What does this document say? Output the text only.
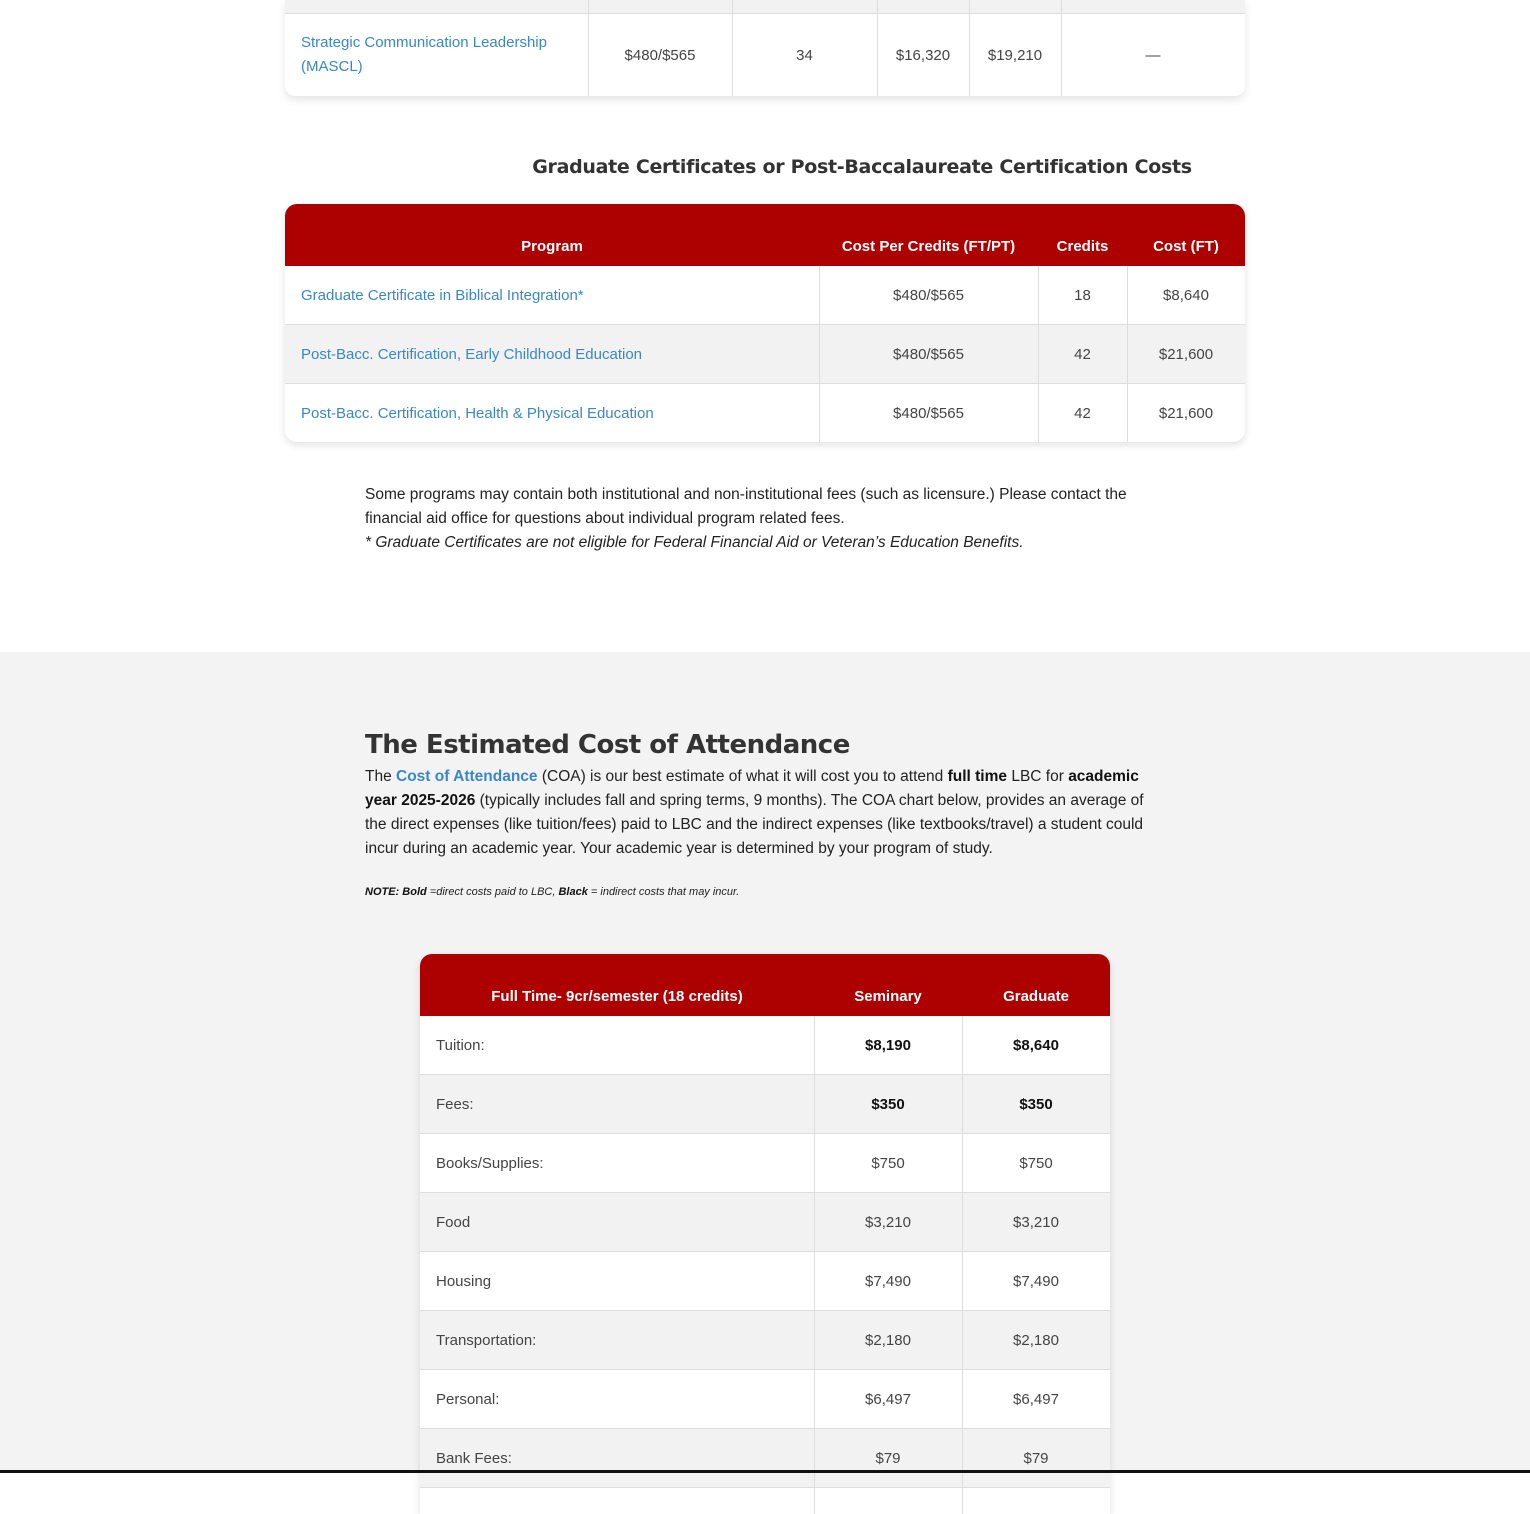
Strategic Communication Leadership
(MASCL)
$480/$565	34	$16,320	$19,210	—
Graduate Certificates or Post-Baccalaureate Certification Costs
Program	Cost Per Credits (FT/PT)	Credits	Cost (FT)
Graduate Certificate in Biblical Integration*	$480/$565	18	$8,640
Post-Bacc. Certification, Early Childhood Education	$480/$565	42	$21,600
Post-Bacc. Certification, Health & Physical Education	$480/$565	42	$21,600
Some programs may contain both institutional and non-institutional fees (such as licensure.) Please contact the financial aid office for questions about individual program related fees.
* Graduate Certificates are not eligible for Federal Financial Aid or Veteran’s Education Benefits.
The Estimated Cost of Attendance
The Cost of Attendance (COA) is our best estimate of what it will cost you to attend full time LBC for academic year 2025-2026 (typically includes fall and spring terms, 9 months). The COA chart below, provides an average of the direct expenses (like tuition/fees) paid to LBC and the indirect expenses (like textbooks/travel) a student could incur during an academic year. Your academic year is determined by your program of study.
NOTE: Bold =direct costs paid to LBC, Black = indirect costs that may incur.
Full Time- 9cr/semester (18 credits)	Seminary	Graduate
Tuition:	$8,190	$8,640
Fees:	$350	$350
Books/Supplies:	$750	$750
Food	$3,210	$3,210
Housing	$7,490	$7,490
Transportation:	$2,180	$2,180
Personal:	$6,497	$6,497
Bank Fees:	$79	$79
